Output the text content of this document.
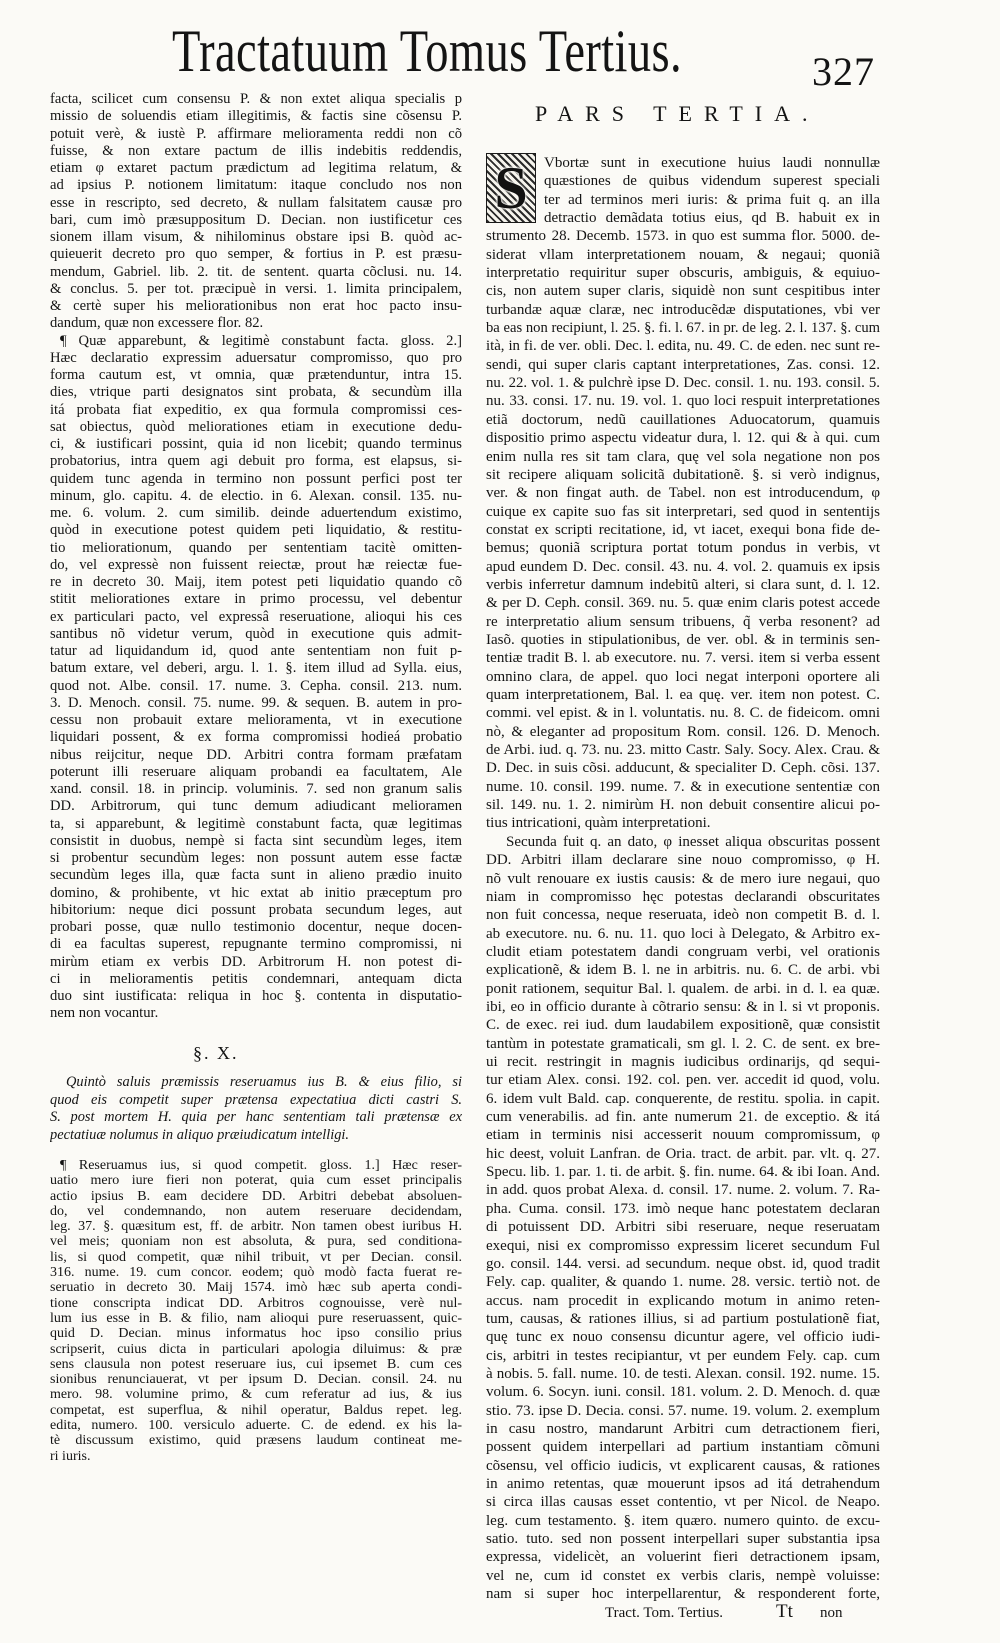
Tractatuum Tomus Tertius.	327
facta, scilicet cum consensu P. & non extet aliqua specialis p
missio de soluendis etiam illegitimis, & factis sine cõsensu P.
potuit verè, & iustè P. affirmare melioramenta reddi non cõ
fuisse, & non extare pactum de illis indebitis reddendis,
etiam φ extaret pactum prædictum ad legitima relatum, &
ad ipsius P. notionem limitatum: itaque concludo nos non
esse in rescripto, sed decreto, & nullam falsitatem causæ pro
bari, cum imò præsuppositum D. Decian. non iustificetur ces
sionem illam visum, & nihilominus obstare ipsi B. quòd ac-
quieuerit decreto pro quo semper, & fortius in P. est præsu-
mendum, Gabriel. lib. 2. tit. de sentent. quarta cõclusi. nu. 14.
& conclus. 5. per tot. præcipuè in versi. 1. limita principalem,
& certè super his meliorationibus non erat hoc pacto insu-
dandum, quæ non excessere flor. 82.
¶ Quæ apparebunt, & legitimè constabunt facta. gloss. 2.]
Hæc declaratio expressim aduersatur compromisso, quo pro
forma cautum est, vt omnia, quæ prætenduntur, intra 15.
dies, vtrique parti designatos sint probata, & secundùm illa
itá probata fiat expeditio, ex qua formula compromissi ces-
sat obiectus, quòd meliorationes etiam in executione dedu-
ci, & iustificari possint, quia id non licebit; quando terminus
probatorius, intra quem agi debuit pro forma, est elapsus, si-
quidem tunc agenda in termino non possunt perfici post ter
minum, glo. capitu. 4. de electio. in 6. Alexan. consil. 135. nu-
me. 6. volum. 2. cum similib. deinde aduertendum existimo,
quòd in executione potest quidem peti liquidatio, & restitu-
tio meliorationum, quando per sententiam tacitè omitten-
do, vel expressè non fuissent reiectæ, prout hæ reiectæ fue-
re in decreto 30. Maij, item potest peti liquidatio quando cõ
stitit meliorationes extare in primo processu, vel debentur
ex particulari pacto, vel expressâ reseruatione, alioqui his ces
santibus nõ videtur verum, quòd in executione quis admit-
tatur ad liquidandum id, quod ante sententiam non fuit p-
batum extare, vel deberi, argu. l. 1. §. item illud ad Sylla. eius,
quod not. Albe. consil. 17. nume. 3. Cepha. consil. 213. num.
3. D. Menoch. consil. 75. nume. 99. & sequen. B. autem in pro-
cessu non probauit extare melioramenta, vt in executione
liquidari possent, & ex forma compromissi hodieá probatio
nibus reijcitur, neque DD. Arbitri contra formam præfatam
poterunt illi reseruare aliquam probandi ea facultatem, Ale
xand. consil. 18. in princip. voluminis. 7. sed non granum salis
DD. Arbitrorum, qui tunc demum adiudicant melioramen
ta, si apparebunt, & legitimè constabunt facta, quæ legitimas
consistit in duobus, nempè si facta sint secundùm leges, item
si probentur secundùm leges: non possunt autem esse factæ
secundùm leges illa, quæ facta sunt in alieno prædio inuito
domino, & prohibente, vt hic extat ab initio præceptum pro
hibitorium: neque dici possunt probata secundum leges, aut
probari posse, quæ nullo testimonio docentur, neque docen-
di ea facultas superest, repugnante termino compromissi, ni
mirùm etiam ex verbis DD. Arbitrorum H. non potest di-
ci in melioramentis petitis condemnari, antequam dicta
duo sint iustificata: reliqua in hoc §. contenta in disputatio-
nem non vocantur.
§. X.
Quintò saluis præmissis reseruamus ius B. & eius filio, si
quod eis competit super prætensa expectatiua dicti castri S.
S. post mortem H. quia per hanc sententiam tali prætensæ ex
pectatiuæ nolumus in aliquo præiudicatum intelligi.
¶ Reseruamus ius, si quod competit. gloss. 1.] Hæc reser-
uatio mero iure fieri non poterat, quia cum esset principalis
actio ipsius B. eam decidere DD. Arbitri debebat absoluen-
do, vel condemnando, non autem reseruare decidendam,
leg. 37. §. quæsitum est, ff. de arbitr. Non tamen obest iuribus H.
vel meis; quoniam non est absoluta, & pura, sed conditiona-
lis, si quod competit, quæ nihil tribuit, vt per Decian. consil.
316. nume. 19. cum concor. eodem; quò modò facta fuerat re-
seruatio in decreto 30. Maij 1574. imò hæc sub aperta condi-
tione conscripta indicat DD. Arbitros cognouisse, verè nul-
lum ius esse in B. & filio, nam alioqui pure reseruassent, quic-
quid D. Decian. minus informatus hoc ipso consilio prius
scripserit, cuius dicta in particulari apologia diluimus: & præ
sens clausula non potest reseruare ius, cui ipsemet B. cum ces
sionibus renunciauerat, vt per ipsum D. Decian. consil. 24. nu
mero. 98. volumine primo, & cum referatur ad ius, & ius
competat, est superflua, & nihil operatur, Baldus repet. leg.
edita, numero. 100. versiculo aduerte. C. de edend. ex his la-
tè discussum existimo, quid præsens laudum contineat me-
ri iuris.
PARS TERTIA.
S	Vbortæ sunt in executione huius laudi nonnullæ
quæstiones de quibus videndum superest speciali
ter ad terminos meri iuris: & prima fuit q. an illa
detractio demãdata totius eius, qd B. habuit ex in
strumento 28. Decemb. 1573. in quo est summa flor. 5000. de-
siderat vllam interpretationem nouam, & negaui; quoniã
interpretatio requiritur super obscuris, ambiguis, & equiuo-
cis, non autem super claris, siquidè non sunt cespitibus inter
turbandæ aquæ claræ, nec introducẽdæ disputationes, vbi ver
ba eas non recipiunt, l. 25. §. fi. l. 67. in pr. de leg. 2. l. 137. §. cum
ità, in fi. de ver. obli. Dec. l. edita, nu. 49. C. de eden. nec sunt re-
sendi, qui super claris captant interpretationes, Zas. consi. 12.
nu. 22. vol. 1. & pulchrè ipse D. Dec. consil. 1. nu. 193. consil. 5.
nu. 33. consi. 17. nu. 19. vol. 1. quo loci respuit interpretationes
etiã doctorum, nedũ cauillationes Aduocatorum, quamuis
dispositio primo aspectu videatur dura, l. 12. qui & à qui. cum
enim nulla res sit tam clara, quę vel sola negatione non pos
sit recipere aliquam solicitã dubitationẽ. §. si verò indignus,
ver. & non fingat auth. de Tabel. non est introducendum, φ
cuique ex capite suo fas sit interpretari, sed quod in sententijs
constat ex scripti recitatione, id, vt iacet, exequi bona fide de-
bemus; quoniã scriptura portat totum pondus in verbis, vt
apud eundem D. Dec. consil. 43. nu. 4. vol. 2. quamuis ex ipsis
verbis inferretur damnum indebitũ alteri, si clara sunt, d. l. 12.
& per D. Ceph. consil. 369. nu. 5. quæ enim claris potest accede
re interpretatio alium sensum tribuens, q̃ verba resonent? ad
Iasõ. quoties in stipulationibus, de ver. obl. & in terminis sen-
tentiæ tradit B. l. ab executore. nu. 7. versi. item si verba essent
omnino clara, de appel. quo loci negat interponi oportere ali
quam interpretationem, Bal. l. ea quę. ver. item non potest. C.
commi. vel epist. & in l. voluntatis. nu. 8. C. de fideicom. omni
nò, & eleganter ad propositum Rom. consil. 126. D. Menoch.
de Arbi. iud. q. 73. nu. 23. mitto Castr. Saly. Socy. Alex. Crau. &
D. Dec. in suis cõsi. adducunt, & specialiter D. Ceph. cõsi. 137.
nume. 10. consil. 199. nume. 7. & in executione sententiæ con
sil. 149. nu. 1. 2. nimirùm H. non debuit consentire alicui po-
tius intricationi, quàm interpretationi.
Secunda fuit q. an dato, φ inesset aliqua obscuritas possent
DD. Arbitri illam declarare sine nouo compromisso, φ H.
nõ vult renouare ex iustis causis: & de mero iure negaui, quo
niam in compromisso hęc potestas declarandi obscuritates
non fuit concessa, neque reseruata, ideò non competit B. d. l.
ab executore. nu. 6. nu. 11. quo loci à Delegato, & Arbitro ex-
cludit etiam potestatem dandi congruam verbi, vel orationis
explicationẽ, & idem B. l. ne in arbitris. nu. 6. C. de arbi. vbi
ponit rationem, sequitur Bal. l. qualem. de arbi. in d. l. ea quæ.
ibi, eo in officio durante à cõtrario sensu: & in l. si vt proponis.
C. de exec. rei iud. dum laudabilem expositionẽ, quæ consistit
tantùm in potestate gramaticali, sm gl. l. 2. C. de sent. ex bre-
ui recit. restringit in magnis iudicibus ordinarijs, qd sequi-
tur etiam Alex. consi. 192. col. pen. ver. accedit id quod, volu.
6. idem vult Bald. cap. conquerente, de restitu. spolia. in capit.
cum venerabilis. ad fin. ante numerum 21. de exceptio. & itá
etiam in terminis nisi accesserit nouum compromissum, φ
hic deest, voluit Lanfran. de Oria. tract. de arbit. par. vlt. q. 27.
Specu. lib. 1. par. 1. ti. de arbit. §. fin. nume. 64. & ibi Ioan. And.
in add. quos probat Alexa. d. consil. 17. nume. 2. volum. 7. Ra-
pha. Cuma. consil. 173. imò neque hanc potestatem declaran
di potuissent DD. Arbitri sibi reseruare, neque reseruatam
exequi, nisi ex compromisso expressim liceret secundum Ful
go. consil. 144. versi. ad secundum. neque obst. id, quod tradit
Fely. cap. qualiter, & quando 1. nume. 28. versic. tertiò not. de
accus. nam procedit in explicando motum in animo reten-
tum, causas, & rationes illius, si ad partium postulationẽ fiat,
quę tunc ex nouo consensu dicuntur agere, vel officio iudi-
cis, arbitri in testes recipiantur, vt per eundem Fely. cap. cum
à nobis. 5. fall. nume. 10. de testi. Alexan. consil. 192. nume. 15.
volum. 6. Socyn. iuni. consil. 181. volum. 2. D. Menoch. d. quæ
stio. 73. ipse D. Decia. consi. 57. nume. 19. volum. 2. exemplum
in casu nostro, mandarunt Arbitri cum detractionem fieri,
possent quidem interpellari ad partium instantiam cõmuni
cõsensu, vel officio iudicis, vt explicarent causas, & rationes
in animo retentas, quæ mouerunt ipsos ad itá detrahendum
si circa illas causas esset contentio, vt per Nicol. de Neapo.
leg. cum testamento. §. item quæro. numero quinto. de excu-
satio. tuto. sed non possent interpellari super substantia ipsa
expressa, videlicèt, an voluerint fieri detractionem ipsam,
vel ne, cum id constet ex verbis claris, nempè voluisse:
nam si super hoc interpellarentur, & responderent forte,
Tract. Tom. Tertius.	Tt non
